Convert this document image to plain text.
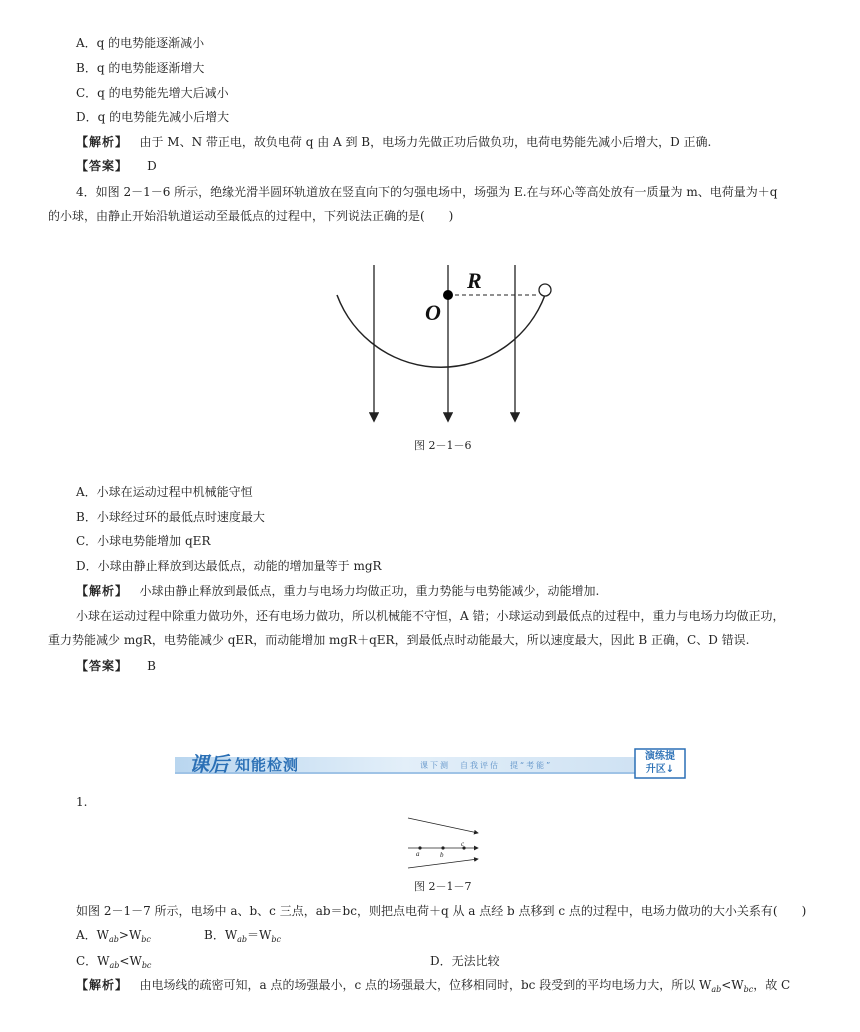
A．q 的电势能逐渐减小
B．q 的电势能逐渐增大
C．q 的电势能先增大后减小
D．q 的电势能先减小后增大
【解析】 由于 M、N 带正电，故负电荷 q 由 A 到 B，电场力先做正功后做负功，电荷电势能先减小后增大，D 正确.
【答案】 D
4．如图 2－1－6 所示，绝缘光滑半圆环轨道放在竖直向下的匀强电场中，场强为 E.在与环心等高处放有一质量为 m、电荷量为＋q
的小球，由静止开始沿轨道运动至最低点的过程中，下列说法正确的是(　　)
R
O
图 2－1－6
A．小球在运动过程中机械能守恒
B．小球经过环的最低点时速度最大
C．小球电势能增加 qER
D．小球由静止释放到达最低点，动能的增加量等于 mgR
【解析】 小球由静止释放到最低点，重力与电场力均做正功，重力势能与电势能减少，动能增加.
小球在运动过程中除重力做功外，还有电场力做功，所以机械能不守恒，A 错；小球运动到最低点的过程中，重力与电场力均做正功，
重力势能减少 mgR，电势能减少 qER，而动能增加 mgR＋qER，到最低点时动能最大，所以速度最大，因此 B 正确，C、D 错误.
【答案】 B
课后 知能检测	课下测　自我评估　提“考能”
演练提
升区↓
1.
a	b
c
图 2－1－7
如图 2－1－7 所示，电场中 a、b、c 三点，ab＝bc，则把点电荷＋q 从 a 点经 b 点移到 c 点的过程中，电场力做功的大小关系有(　　)
A．$W_{ab}>W_{bc}$	B．$W_{ab}=W_{bc}$
C．$W_{ab}<W_{bc}$	D．无法比较
【解析】 由电场线的疏密可知，a 点的场强最小，c 点的场强最大，位移相同时，bc 段受到的平均电场力大，所以 $W_{ab}<W_{bc}$，故 C
